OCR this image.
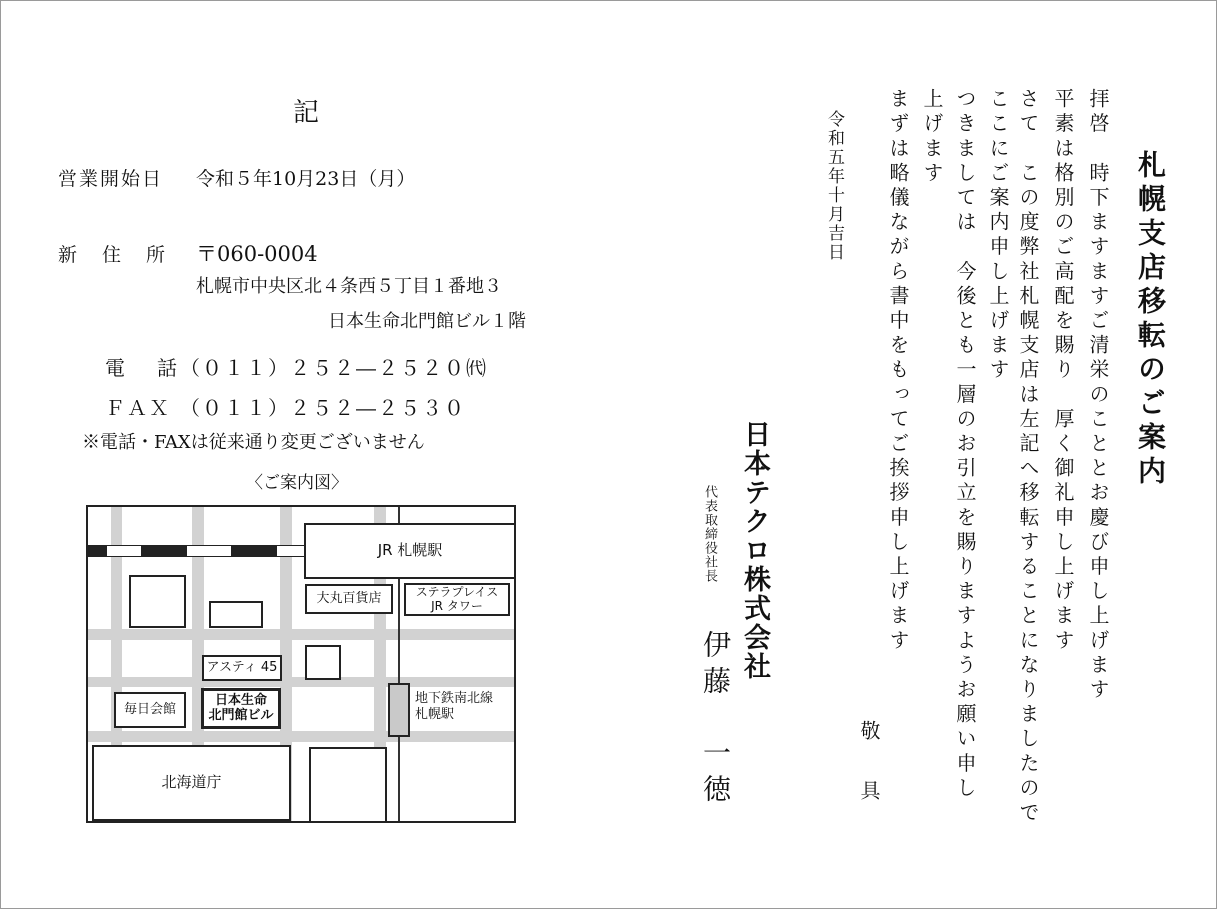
札幌支店移転のご案内
拝啓　時下ますますご清栄のこととお慶び申し上げます
平素は格別のご高配を賜り　厚く御礼申し上げます
さて　この度弊社札幌支店は左記へ移転することになりましたので
ここにご案内申し上げます
つきましては　今後とも一層のお引立を賜りますようお願い申し
上げます
まずは略儀ながら書中をもってご挨拶申し上げます
敬　具
令和五年十月吉日
日本テクロ株式会社
代表取締役社長
伊藤　一徳
記
営業開始日 令和５年10月23日（月）
新住所 〒060-0004
札幌市中央区北４条西５丁目１番地３
日本生命北門館ビル１階
電　話
（０１１）２５２―２５２０㈹
ＦＡＸ （０１１）２５２―２５３０
※電話・FAXは従来通り変更ございません
〈ご案内図〉
JR 札幌駅
大丸百貨店	ステラプレイス
JR タワー
アスティ 45
毎日会館
日本生命
北門館ビル
北海道庁
地下鉄南北線
札幌駅
